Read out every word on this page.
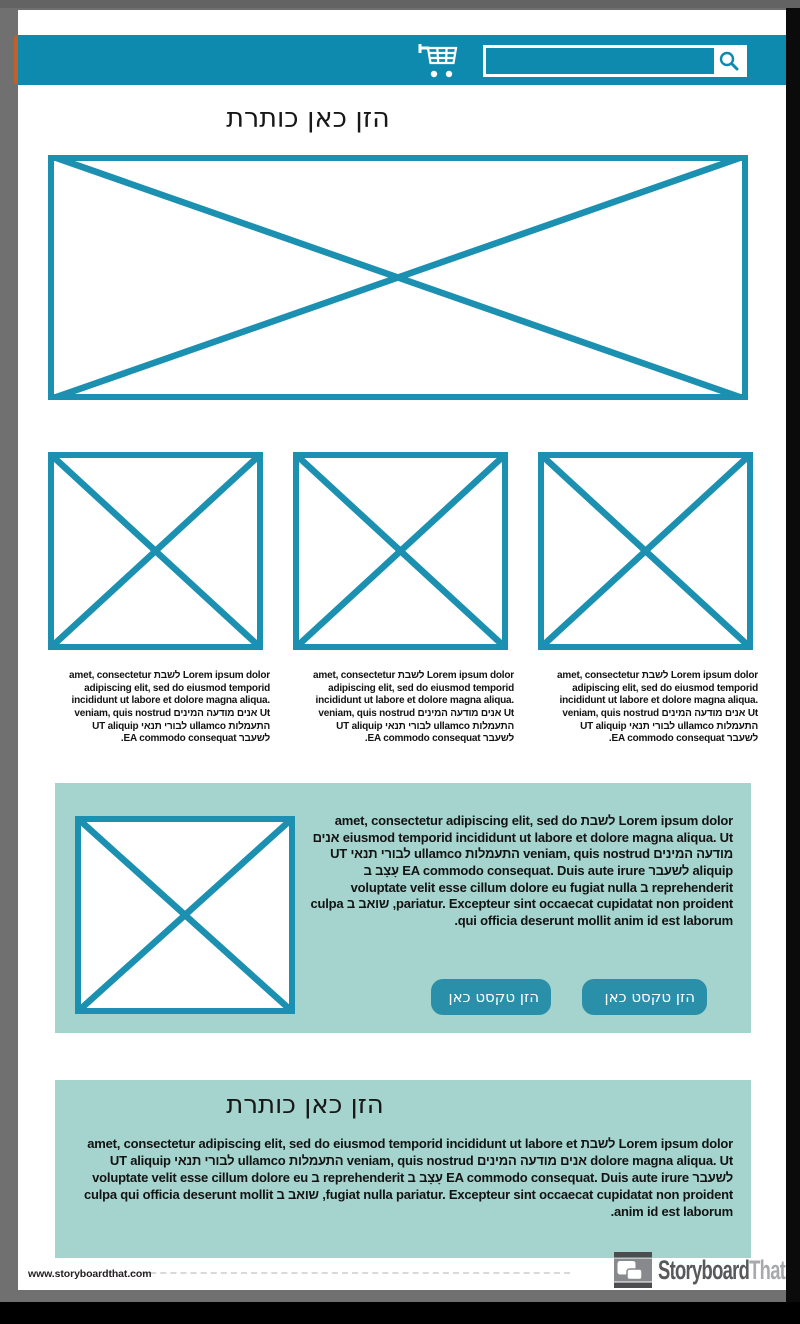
הזן כאן כותרת
Lorem ipsum dolor לשבת amet, consectetur adipiscing elit, sed do eiusmod temporid incididunt ut labore et dolore magna aliqua. Ut אנים מודעה המינים veniam, quis nostrud התעמלות ullamco לבורי תנאי UT aliquip לשעבר EA commodo consequat.
Lorem ipsum dolor לשבת amet, consectetur adipiscing elit, sed do eiusmod temporid incididunt ut labore et dolore magna aliqua. Ut אנים מודעה המינים veniam, quis nostrud התעמלות ullamco לבורי תנאי UT aliquip לשעבר EA commodo consequat.
Lorem ipsum dolor לשבת amet, consectetur adipiscing elit, sed do eiusmod temporid incididunt ut labore et dolore magna aliqua. Ut אנים מודעה המינים veniam, quis nostrud התעמלות ullamco לבורי תנאי UT aliquip לשעבר EA commodo consequat.
Lorem ipsum dolor לשבת amet, consectetur adipiscing elit, sed do eiusmod temporid incididunt ut labore et dolore magna aliqua. Ut אנים מודעה המינים veniam, quis nostrud התעמלות ullamco לבורי תנאי UT aliquip לשעבר EA commodo consequat. Duis aute irure עָצָב ב reprehenderit ב voluptate velit esse cillum dolore eu fugiat nulla pariatur. Excepteur sint occaecat cupidatat non proident, שואב ב culpa qui officia deserunt mollit anim id est laborum.
הזן טקסט כאן
הזן טקסט כאן
הזן כאן כותרת
Lorem ipsum dolor לשבת amet, consectetur adipiscing elit, sed do eiusmod temporid incididunt ut labore et dolore magna aliqua. Ut אנים מודעה המינים veniam, quis nostrud התעמלות ullamco לבורי תנאי UT aliquip לשעבר EA commodo consequat. Duis aute irure עָצָב ב reprehenderit ב voluptate velit esse cillum dolore eu fugiat nulla pariatur. Excepteur sint occaecat cupidatat non proident, שואב ב culpa qui officia deserunt mollit anim id est laborum.
www.storyboardthat.com	StoryboardThat
